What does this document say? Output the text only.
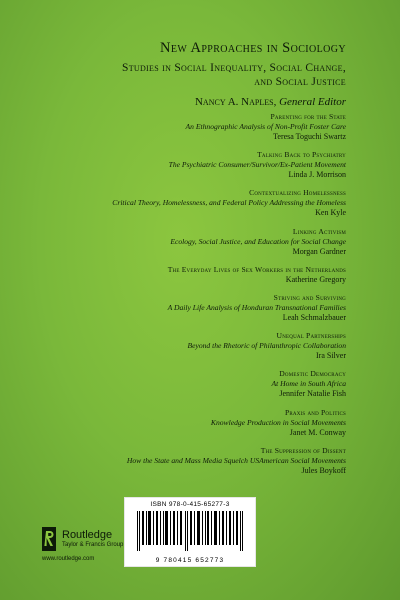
New Approaches in Sociology
Studies in Social Inequality, Social Change,
and Social Justice
Nancy A. Naples, General Editor
Parenting for the State
An Ethnographic Analysis of Non-Profit Foster Care
Teresa Toguchi Swartz
Talking Back to Psychiatry
The Psychiatric Consumer/Survivor/Ex-Patient Movement
Linda J. Morrison
Contextualizing Homelessness
Critical Theory, Homelessness, and Federal Policy Addressing the Homeless
Ken Kyle
Linking Activism
Ecology, Social Justice, and Education for Social Change
Morgan Gardner
The Everyday Lives of Sex Workers in the Netherlands
Katherine Gregory
Striving and Surviving
A Daily Life Analysis of Honduran Transnational Families
Leah Schmalzbauer
Unequal Partnerships
Beyond the Rhetoric of Philanthropic Collaboration
Ira Silver
Domestic Democracy
At Home in South Africa
Jennifer Natalie Fish
Praxis and Politics
Knowledge Production in Social Movements
Janet M. Conway
The Suppression of Dissent
How the State and Mass Media Squelch USAmerican Social Movements
Jules Boykoff
ISBN 978-0-415-65277-3
9 780415 652773
Routledge
Taylor & Francis Group
www.routledge.com
